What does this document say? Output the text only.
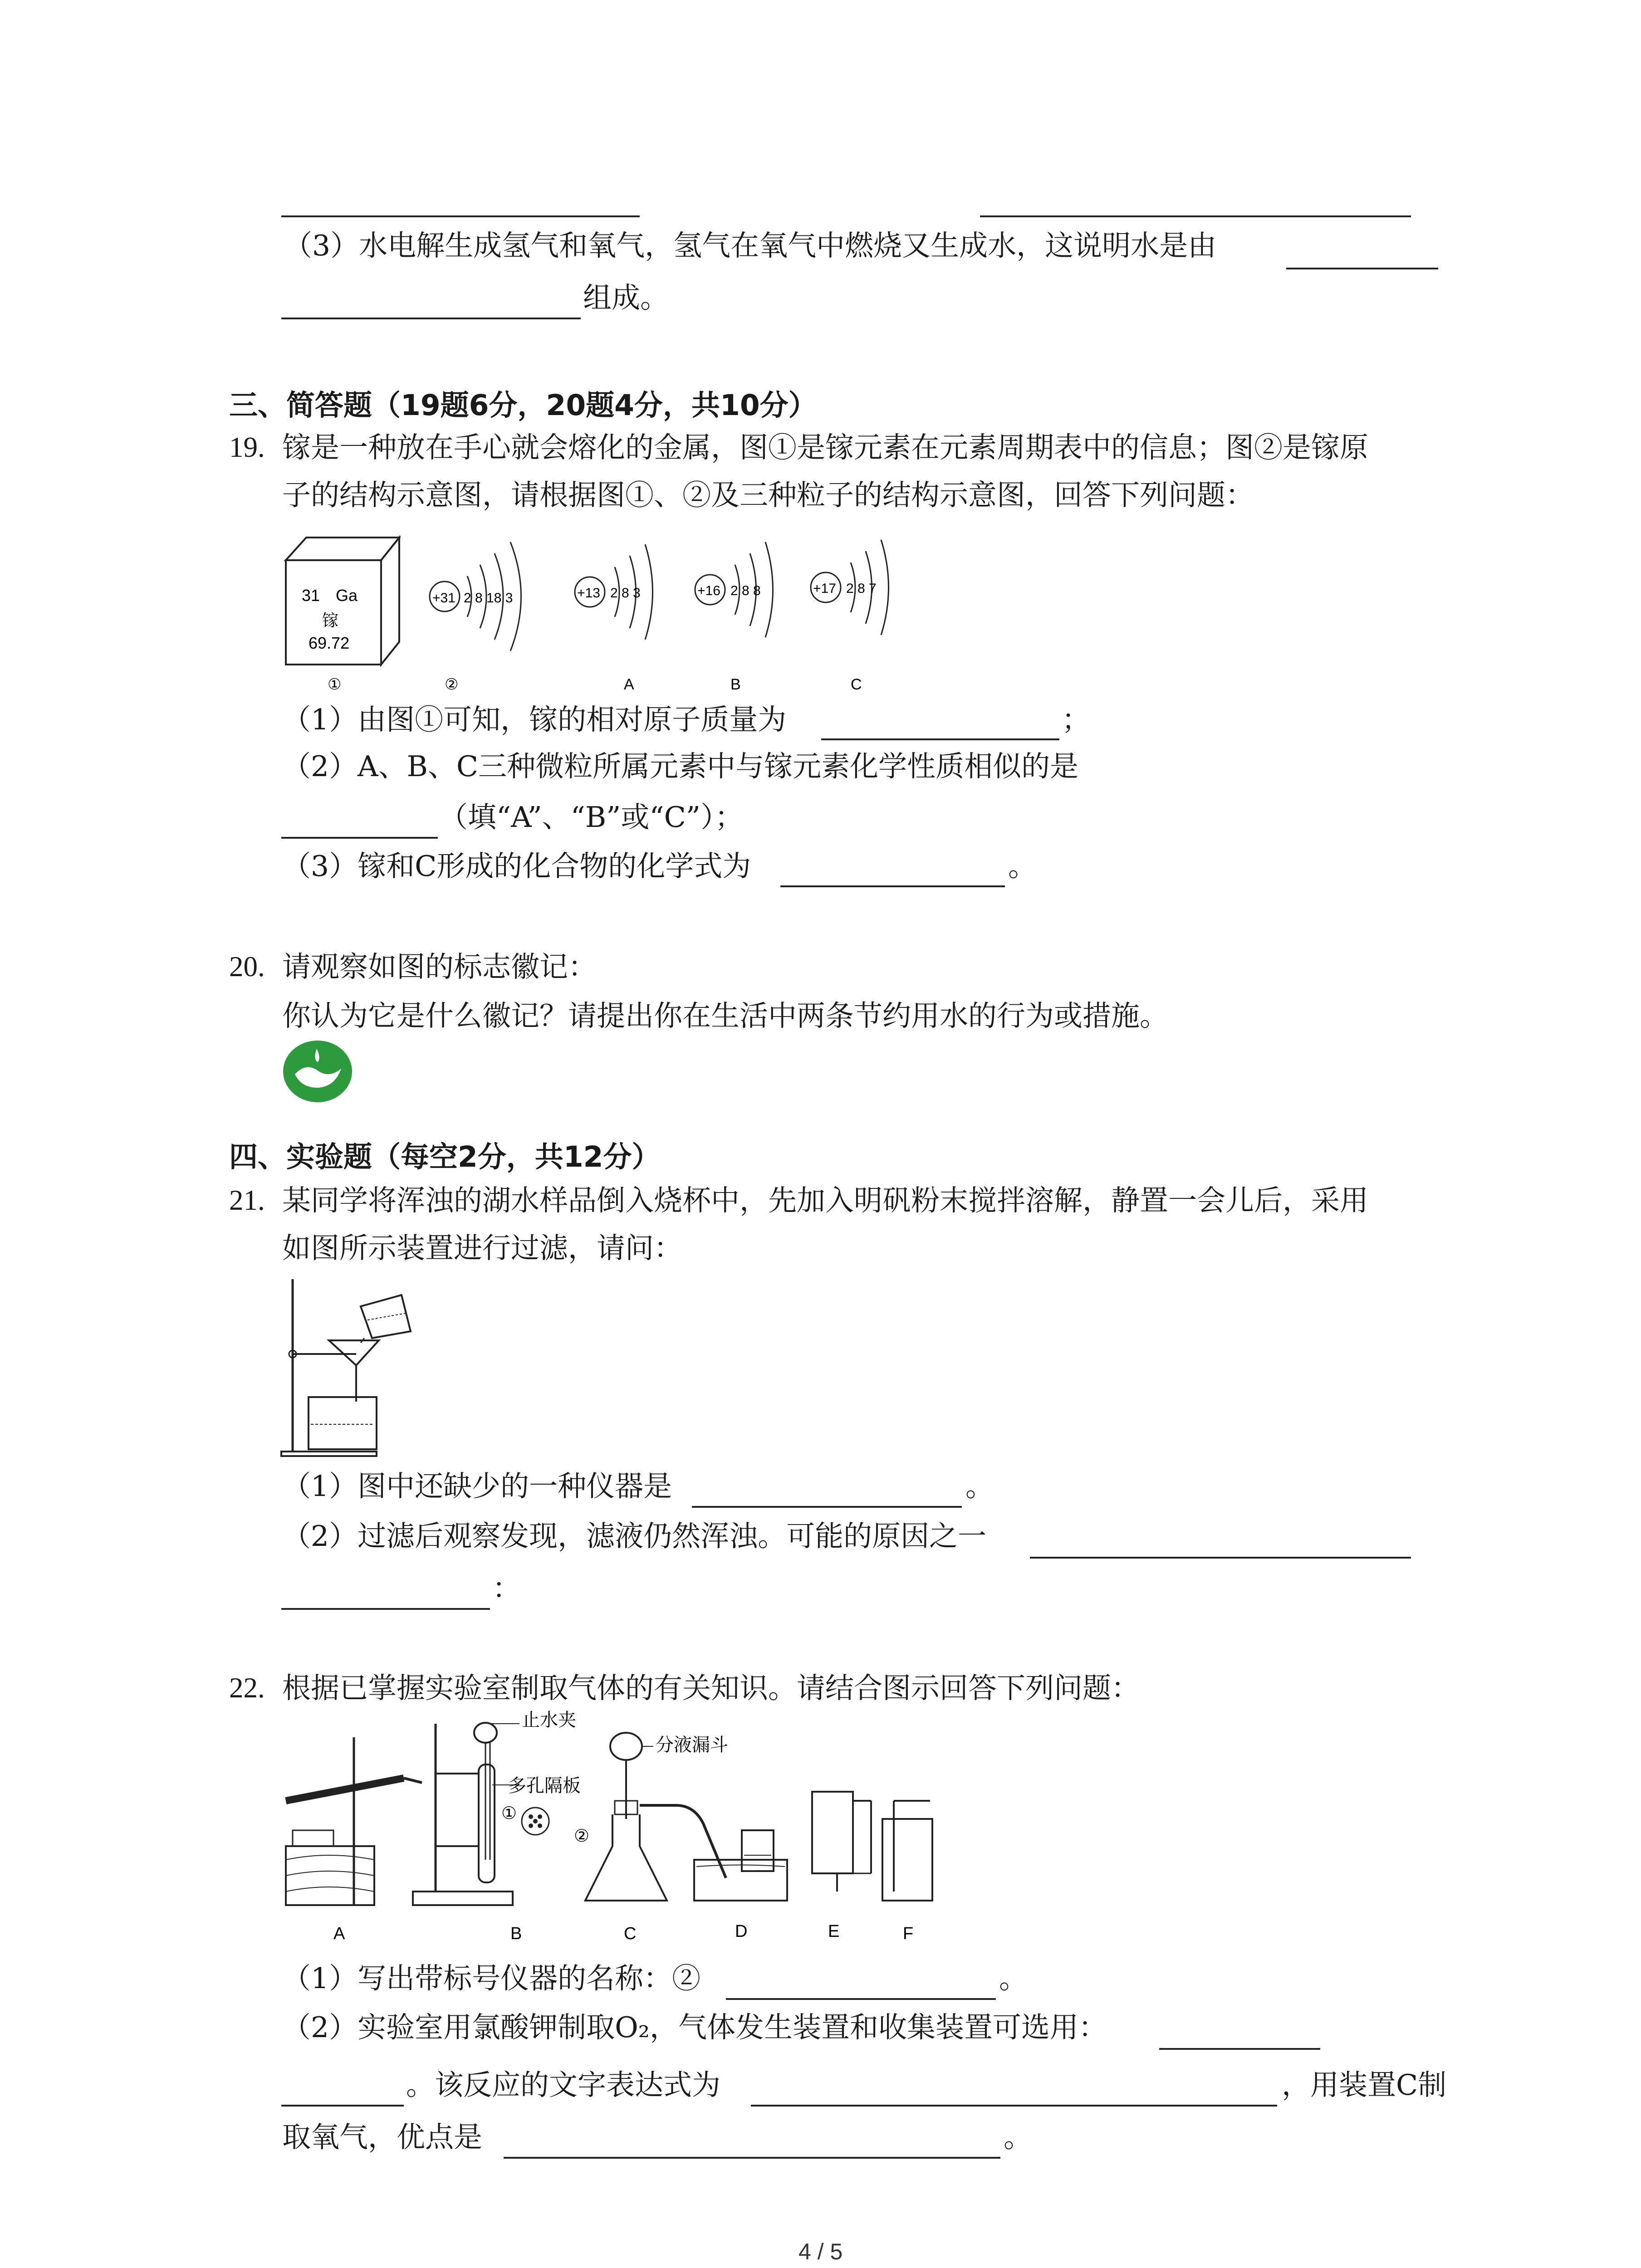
（3）水电解生成氢气和氧气，氢气在氧气中燃烧又生成水，这说明水是由
组成。
三、简答题（19题6分，20题4分，共10分）
19. 镓是一种放在手心就会熔化的金属，图①是镓元素在元素周期表中的信息；图②是镓原
子的结构示意图，请根据图①、②及三种粒子的结构示意图，回答下列问题：
31 Ga
镓
69.72
+31 2 8 18 3	+13 2 8 3	+16 2 8 8	+17 2 8 7
①	②	A	B	C
（1）由图①可知，镓的相对原子质量为	；
（2）A、B、C三种微粒所属元素中与镓元素化学性质相似的是
（填“A”、“B”或“C”）；
（3）镓和C形成的化合物的化学式为	。
20. 请观察如图的标志徽记：
你认为它是什么徽记？请提出你在生活中两条节约用水的行为或措施。
四、实验题（每空2分，共12分）
21. 某同学将浑浊的湖水样品倒入烧杯中，先加入明矾粉末搅拌溶解，静置一会儿后，采用
如图所示装置进行过滤，请问：
（1）图中还缺少的一种仪器是	。
（2）过滤后观察发现，滤液仍然浑浊。可能的原因之一
：
22. 根据已掌握实验室制取气体的有关知识。请结合图示回答下列问题：
①
止水夹
多孔隔板
分液漏斗
②
A	B	C	D	E	F
（1）写出带标号仪器的名称：②	。
（2）实验室用氯酸钾制取O₂，气体发生装置和收集装置可选用：
。该反应的文字表达式为	，用装置C制
取氧气，优点是	。
4 / 5
